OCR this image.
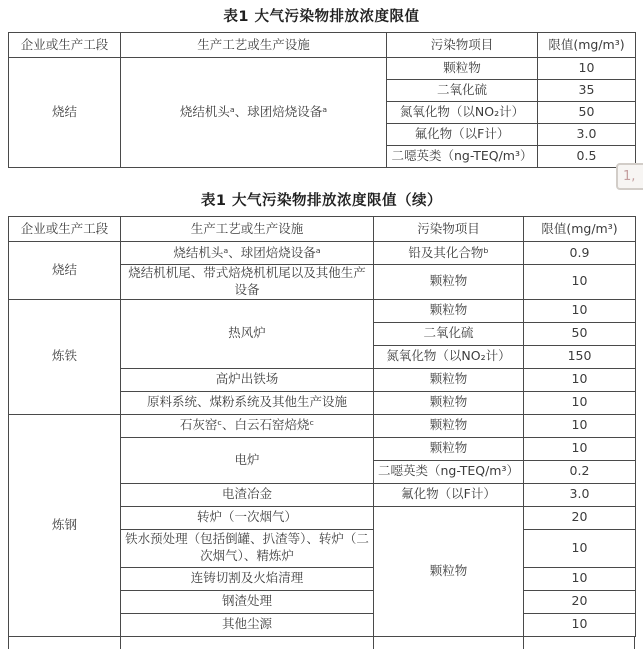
表1 大气污染物排放浓度限值
企业或生产工段	生产工艺或生产设施	污染物项目	限值(mg/m³)
烧结	烧结机头ᵃ、球团焙烧设备ᵃ	颗粒物	10
		二氧化硫	35
		氮氧化物（以NO₂计）	50
		氟化物（以F计）	3.0
		二噁英类（ng-TEQ/m³）	0.5
1,
表1 大气污染物排放浓度限值（续）
企业或生产工段	生产工艺或生产设施	污染物项目	限值(mg/m³)
烧结	烧结机头ᵃ、球团焙烧设备ᵃ	铅及其化合物ᵇ	0.9
	烧结机机尾、带式焙烧机机尾以及其他生产设备	颗粒物	10
炼铁	热风炉	颗粒物	10
		二氧化硫	50
		氮氧化物（以NO₂计）	150
	高炉出铁场	颗粒物	10
	原料系统、煤粉系统及其他生产设施	颗粒物	10
炼钢	石灰窑ᶜ、白云石窑焙烧ᶜ	颗粒物	10
	电炉	颗粒物	10
		二噁英类（ng-TEQ/m³）	0.2
	电渣冶金	氟化物（以F计）	3.0
	转炉（一次烟气）	颗粒物	20
	铁水预处理（包括倒罐、扒渣等）、转炉（二次烟气）、精炼炉		10
	连铸切割及火焰清理		10
	钢渣处理		20
	其他尘源		10
